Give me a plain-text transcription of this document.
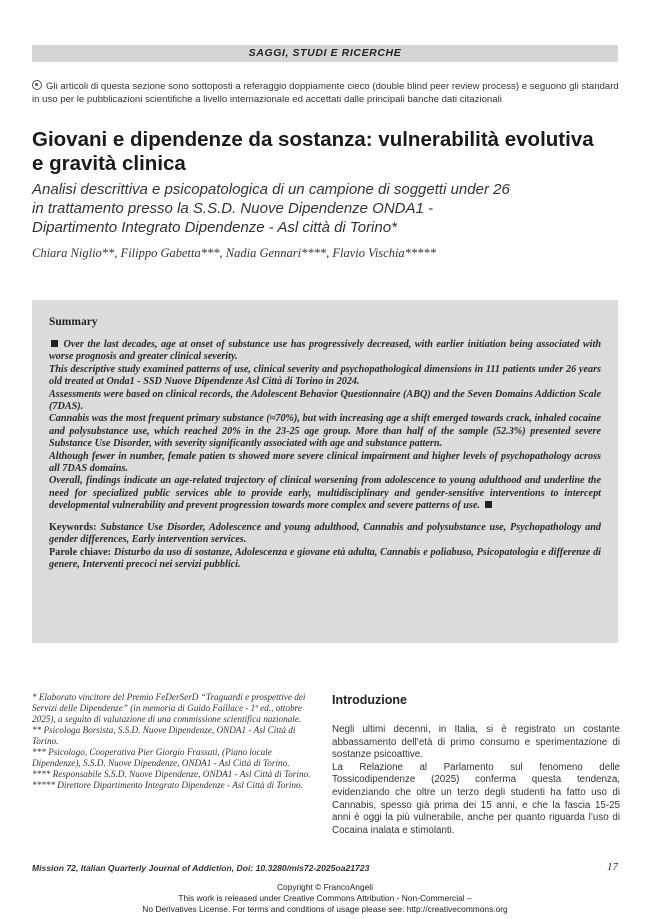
SAGGI, STUDI E RICERCHE
Gli articoli di questa sezione sono sottoposti a referaggio doppiamente cieco (double blind peer review process) e seguono gli standard in uso per le pubblicazioni scientifiche a livello internazionale ed accettati dalle principali banche dati citazionali
Giovani e dipendenze da sostanza: vulnerabilità evolutiva
e gravità clinica
Analisi descrittiva e psicopatologica di un campione di soggetti under 26
in trattamento presso la S.S.D. Nuove Dipendenze ONDA1 -
Dipartimento Integrato Dipendenze - Asl città di Torino*
Chiara Niglio**, Filippo Gabetta***, Nadia Gennari****, Flavio Vischia*****
Summary

Over the last decades, age at onset of substance use has progressively decreased, with earlier initiation being associated with worse prognosis and greater clinical severity.

This descriptive study examined patterns of use, clinical severity and psychopathological dimensions in 111 patients under 26 years old treated at Onda1 - SSD Nuove Dipendenze Asl Città di Torino in 2024.

Assessments were based on clinical records, the Adolescent Behavior Questionnaire (ABQ) and the Seven Domains Addiction Scale (7DAS).

Cannabis was the most frequent primary substance (≈70%), but with increasing age a shift emerged towards crack, inhaled cocaine and polysubstance use, which reached 20% in the 23-25 age group. More than half of the sample (52.3%) presented severe Substance Use Disorder, with severity significantly associated with age and substance pattern.

Although fewer in number, female patien ts showed more severe clinical impairment and higher levels of psychopathology across all 7DAS domains.

Overall, findings indicate an age-related trajectory of clinical worsening from adolescence to young adulthood and underline the need for specialized public services able to provide early, multidisciplinary and gender-sensitive interventions to intercept developmental vulnerability and prevent progression towards more complex and severe patterns of use.

Keywords: Substance Use Disorder, Adolescence and young adulthood, Cannabis and polysubstance use, Psychopathology and gender differences, Early intervention services.

Parole chiave: Disturbo da uso di sostanze, Adolescenza e giovane età adulta, Cannabis e poliabuso, Psicopatologia e differenze di genere, Interventi precoci nei servizi pubblici.

* Elaborato vincitore del Premio FeDerSerD “Traguardi e prospettive dei Servizi delle Dipendenze” (in memoria di Guido Faillace - 1ª ed., ottobre 2025), a seguito di valutazione di una commissione scientifica nazionale.

** Psicologa Borsista, S.S.D. Nuove Dipendenze, ONDA1 - Asl Città di Torino.

*** Psicologo, Cooperativa Pier Giorgio Frassati, (Piano locale Dipendenze), S.S.D. Nuove Dipendenze, ONDA1 - Asl Città di Torino.

**** Responsabile S.S.D. Nuove Dipendenze, ONDA1 - Asl Città di Torino.

***** Direttore Dipartimento Integrato Dipendenze - Asl Città di Torino.

Introduzione

Negli ultimi decenni, in Italia, si è registrato un costante abbassamento dell’età di primo consumo e sperimentazione di sostanze psicoattive.

La Relazione al Parlamento sul fenomeno delle Tossicodipendenze (2025) conferma questa tendenza, evidenziando che oltre un terzo degli studenti ha fatto uso di Cannabis, spesso già prima dei 15 anni, e che la fascia 15-25 anni è oggi la più vulnerabile, anche per quanto riguarda l’uso di Cocaina inalata e stimolanti.

Mission 72, Italian Quarterly Journal of Addiction, Doi: 10.3280/mis72-2025oa21723	17
Copyright © FrancoAngeli
This work is released under Creative Commons Attribution - Non-Commercial –
No Derivatives License. For terms and conditions of usage please see: http://creativecommons.org
